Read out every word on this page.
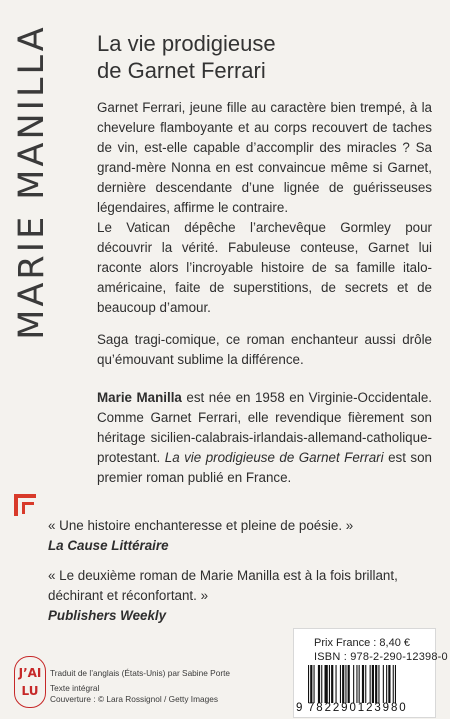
MARIE MANILLA La vie prodigieuse
de Garnet Ferrari

Garnet Ferrari, jeune fille au caractère bien trempé, à la chevelure flamboyante et au corps recouvert de taches de vin, est-elle capable d’accomplir des miracles ? Sa grand-mère Nonna en est convaincue même si Garnet, dernière descendante d’une lignée de guérisseuses légendaires, affirme le contraire.

Le Vatican dépêche l’archevêque Gormley pour découvrir la vérité. Fabuleuse conteuse, Garnet lui raconte alors l’incroyable histoire de sa famille italo-américaine, faite de superstitions, de secrets et de beaucoup d’amour.

Saga tragi-comique, ce roman enchanteur aussi drôle qu’émouvant sublime la différence.

Marie Manilla est née en 1958 en Virginie-Occidentale. Comme Garnet Ferrari, elle revendique fièrement son héritage sicilien-calabrais-irlandais-allemand-catholique-protestant. La vie prodigieuse de Garnet Ferrari est son premier roman publié en France.

« Une histoire enchanteresse et pleine de poésie. »

La Cause Littéraire

« Le deuxième roman de Marie Manilla est à la fois brillant, déchirant et réconfortant. »

Publishers Weekly

Prix France : 8,40 €
ISBN : 978-2-290-12398-0
9 782290123980
J’AI
LU
Traduit de l’anglais (États-Unis) par Sabine Porte
Texte intégral
Couverture : © Lara Rossignol / Getty Images
